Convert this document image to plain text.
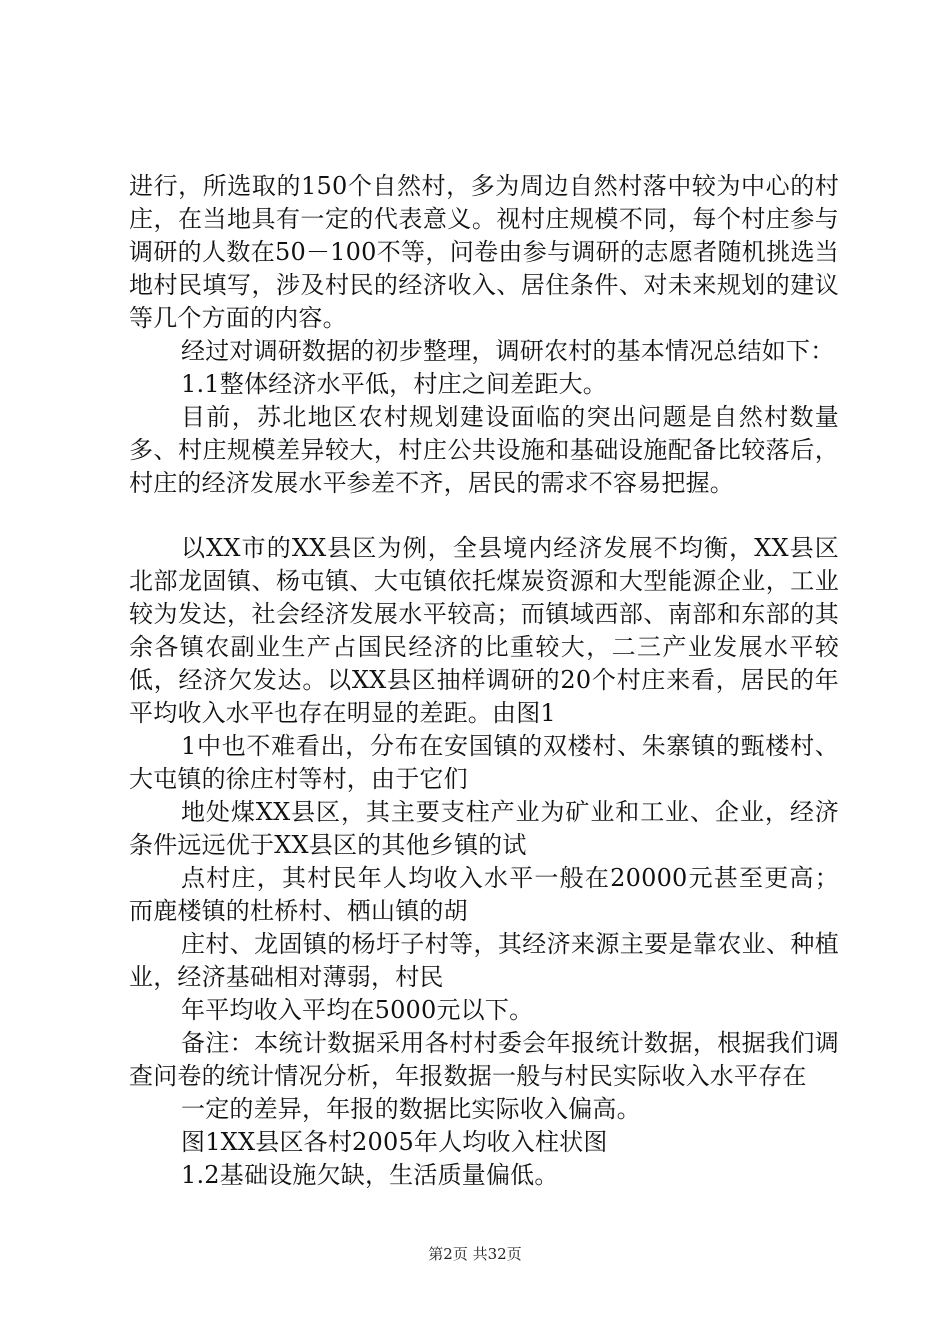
进行，所选取的150个自然村，多为周边自然村落中较为中心的村庄，在当地具有一定的代表意义。视村庄规模不同，每个村庄参与调研的人数在50－100不等，问卷由参与调研的志愿者随机挑选当地村民填写，涉及村民的经济收入、居住条件、对未来规划的建议等几个方面的内容。

经过对调研数据的初步整理，调研农村的基本情况总结如下：

1.1整体经济水平低，村庄之间差距大。

目前，苏北地区农村规划建设面临的突出问题是自然村数量多、村庄规模差异较大，村庄公共设施和基础设施配备比较落后，村庄的经济发展水平参差不齐，居民的需求不容易把握。

以XX市的XX县区为例，全县境内经济发展不均衡，XX县区北部龙固镇、杨屯镇、大屯镇依托煤炭资源和大型能源企业，工业较为发达，社会经济发展水平较高；而镇域西部、南部和东部的其余各镇农副业生产占国民经济的比重较大，二三产业发展水平较低，经济欠发达。以XX县区抽样调研的20个村庄来看，居民的年平均收入水平也存在明显的差距。由图1

1中也不难看出，分布在安国镇的双楼村、朱寨镇的甄楼村、大屯镇的徐庄村等村，由于它们

地处煤XX县区，其主要支柱产业为矿业和工业、企业，经济条件远远优于XX县区的其他乡镇的试

点村庄，其村民年人均收入水平一般在20000元甚至更高；而鹿楼镇的杜桥村、栖山镇的胡

庄村、龙固镇的杨圩子村等，其经济来源主要是靠农业、种植业，经济基础相对薄弱，村民

年平均收入平均在5000元以下。

备注：本统计数据采用各村村委会年报统计数据，根据我们调查问卷的统计情况分析，年报数据一般与村民实际收入水平存在

一定的差异，年报的数据比实际收入偏高。

图1XX县区各村2005年人均收入柱状图

1.2基础设施欠缺，生活质量偏低。

第2页 共32页
